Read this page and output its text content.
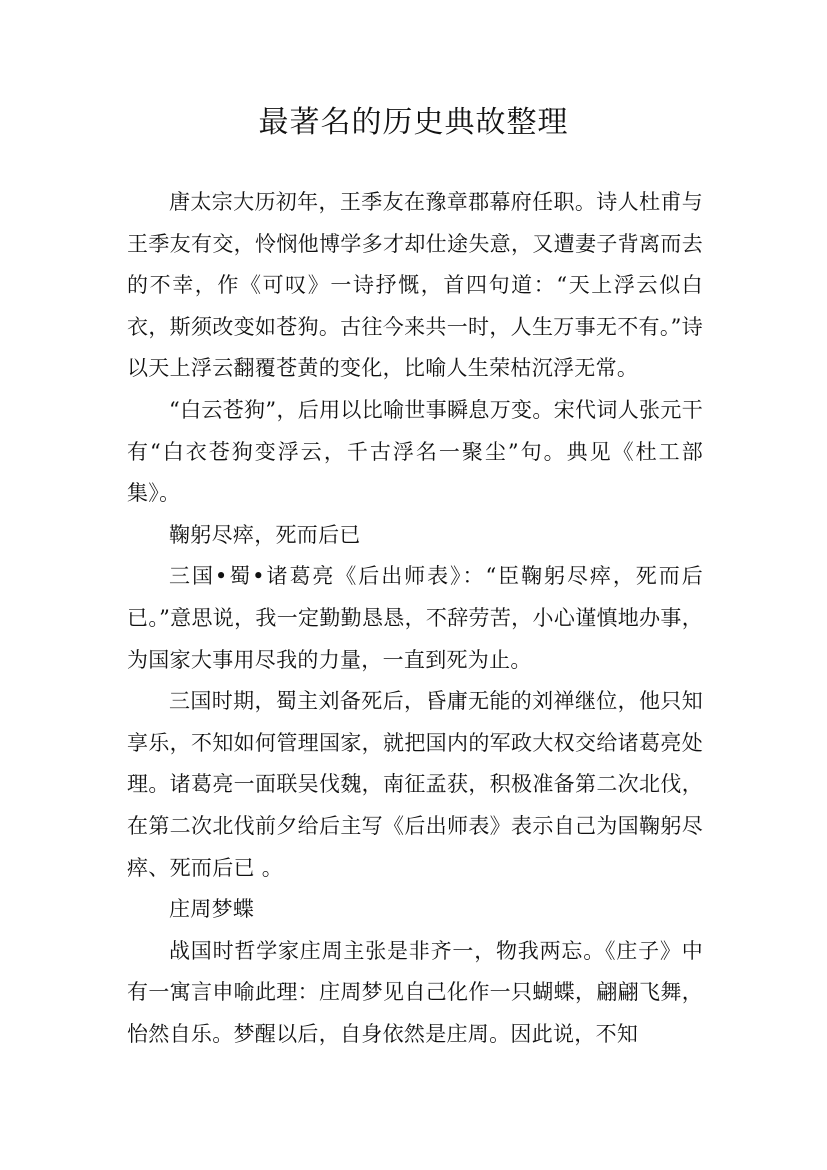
最著名的历史典故整理

唐太宗大历初年，王季友在豫章郡幕府任职。诗人杜甫与王季友有交，怜悯他博学多才却仕途失意，又遭妻子背离而去的不幸，作《可叹》一诗抒慨，首四句道：“天上浮云似白衣，斯须改变如苍狗。古往今来共一时，人生万事无不有。”诗以天上浮云翻覆苍黄的变化，比喻人生荣枯沉浮无常。

“白云苍狗”，后用以比喻世事瞬息万变。宋代词人张元干有“白衣苍狗变浮云，千古浮名一聚尘”句。典见《杜工部集》。

鞠躬尽瘁，死而后已

三国•蜀•诸葛亮《后出师表》：“臣鞠躬尽瘁，死而后已。”意思说，我一定勤勤恳恳，不辞劳苦，小心谨慎地办事，为国家大事用尽我的力量，一直到死为止。

三国时期，蜀主刘备死后，昏庸无能的刘禅继位，他只知享乐，不知如何管理国家，就把国内的军政大权交给诸葛亮处理。诸葛亮一面联吴伐魏，南征孟获，积极准备第二次北伐，在第二次北伐前夕给后主写《后出师表》表示自己为国鞠躬尽瘁、死而后已 。

庄周梦蝶

战国时哲学家庄周主张是非齐一，物我两忘。《庄子》中有一寓言申喻此理：庄周梦见自己化作一只蝴蝶，翩翩飞舞，怡然自乐。梦醒以后，自身依然是庄周。因此说，不知
